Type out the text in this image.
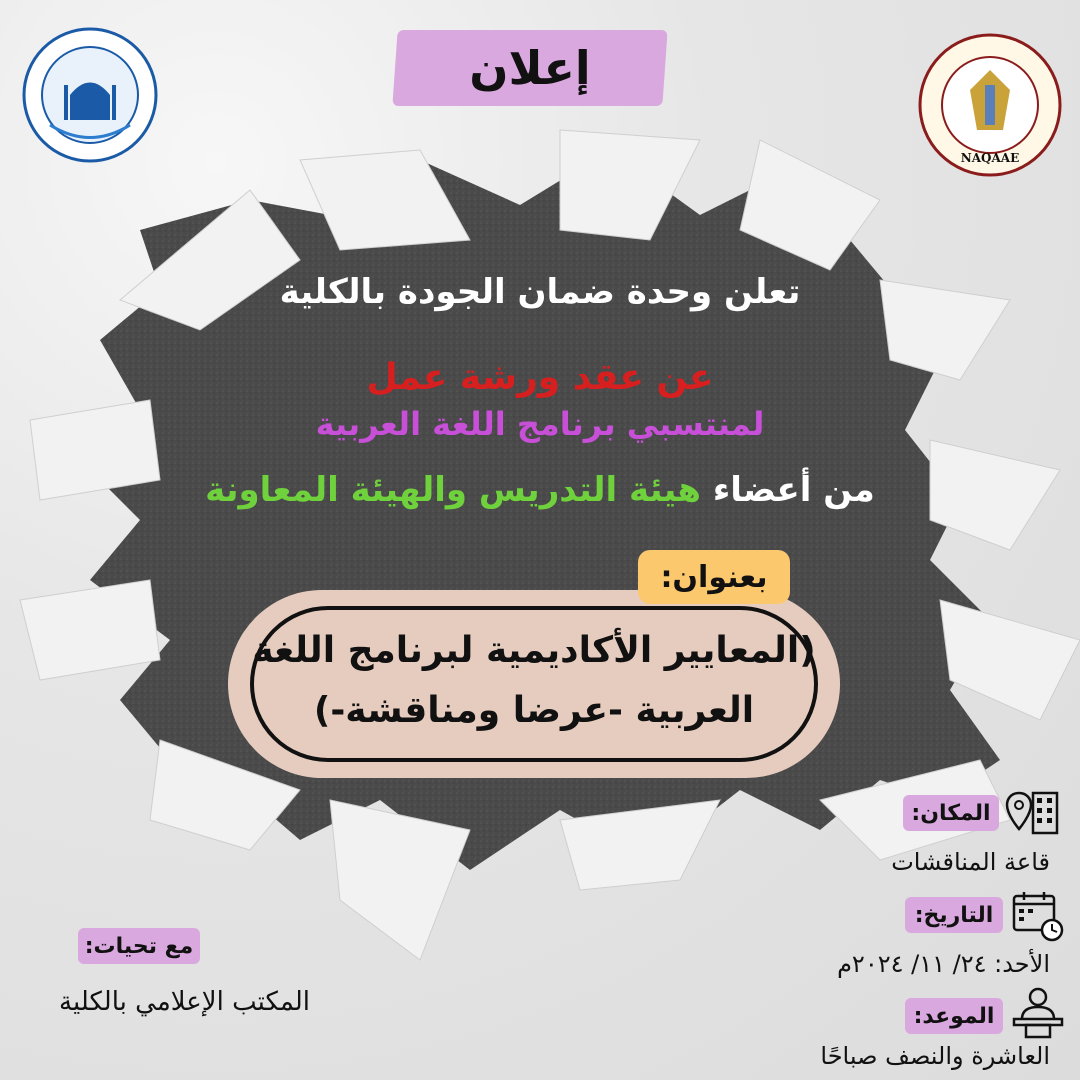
إعلان
NAQAAE
تعلن وحدة ضمان الجودة بالكلية
عن عقد ورشة عمل
لمنتسبي برنامج اللغة العربية
من أعضاء هيئة التدريس والهيئة المعاونة
بعنوان:
(المعايير الأكاديمية لبرنامج اللغة
العربية -عرضا ومناقشة-)
المكان:
قاعة المناقشات
التاريخ:
الأحد: ٢٤/ ١١/ ٢٠٢٤م
الموعد:
العاشرة والنصف صباحًا
مع تحيات:
المكتب الإعلامي بالكلية
